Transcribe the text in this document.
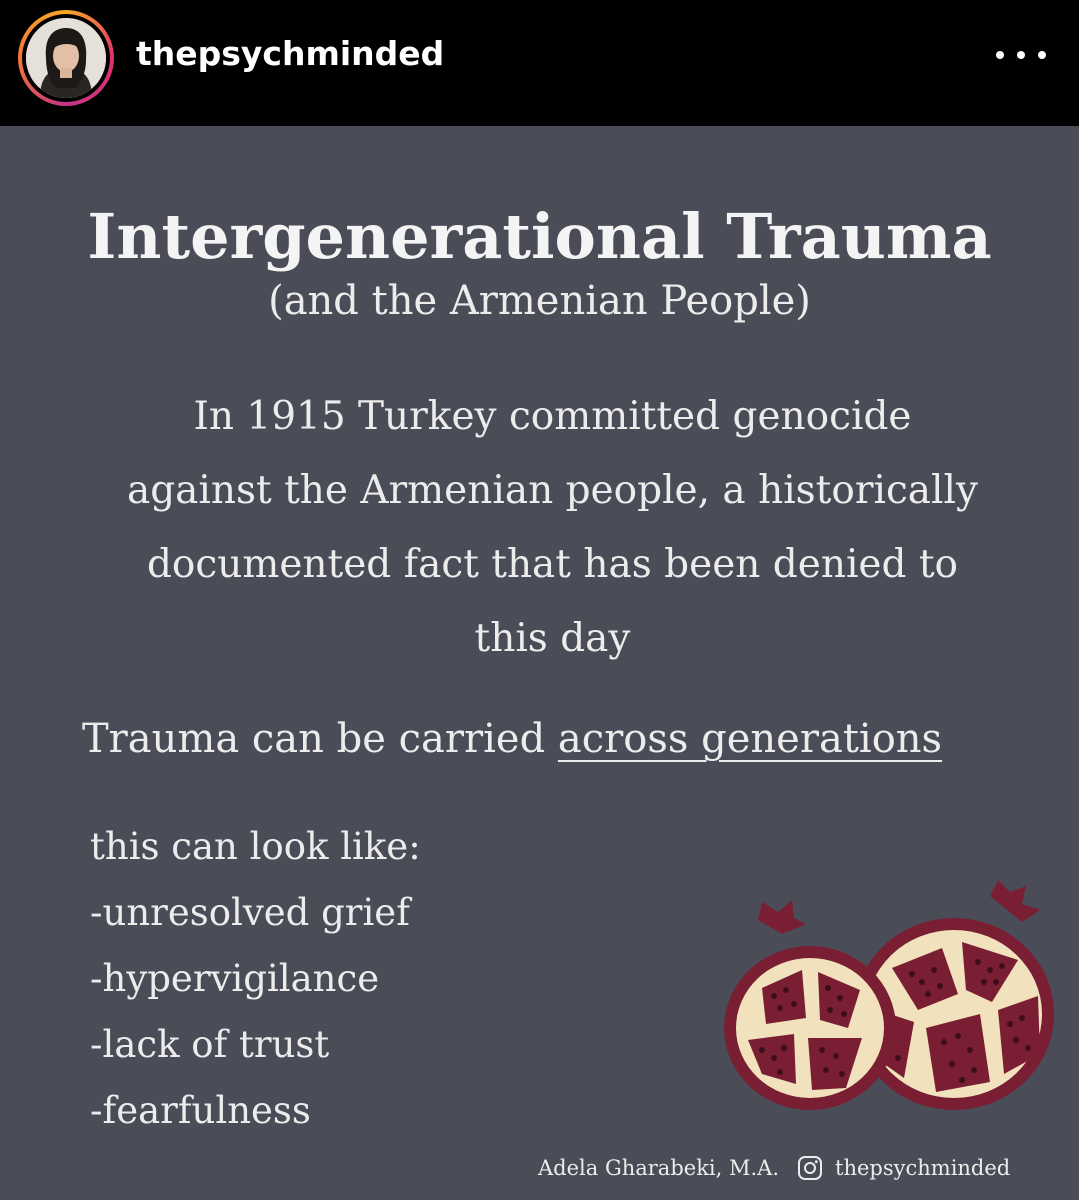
thepsychminded
Intergenerational Trauma
(and the Armenian People)
In 1915 Turkey committed genocide
against the Armenian people, a historically
documented fact that has been denied to
this day
Trauma can be carried across generations
this can look like:
-unresolved grief
-hypervigilance
-lack of trust
-fearfulness
Adela Gharabeki, M.A.	thepsychminded
